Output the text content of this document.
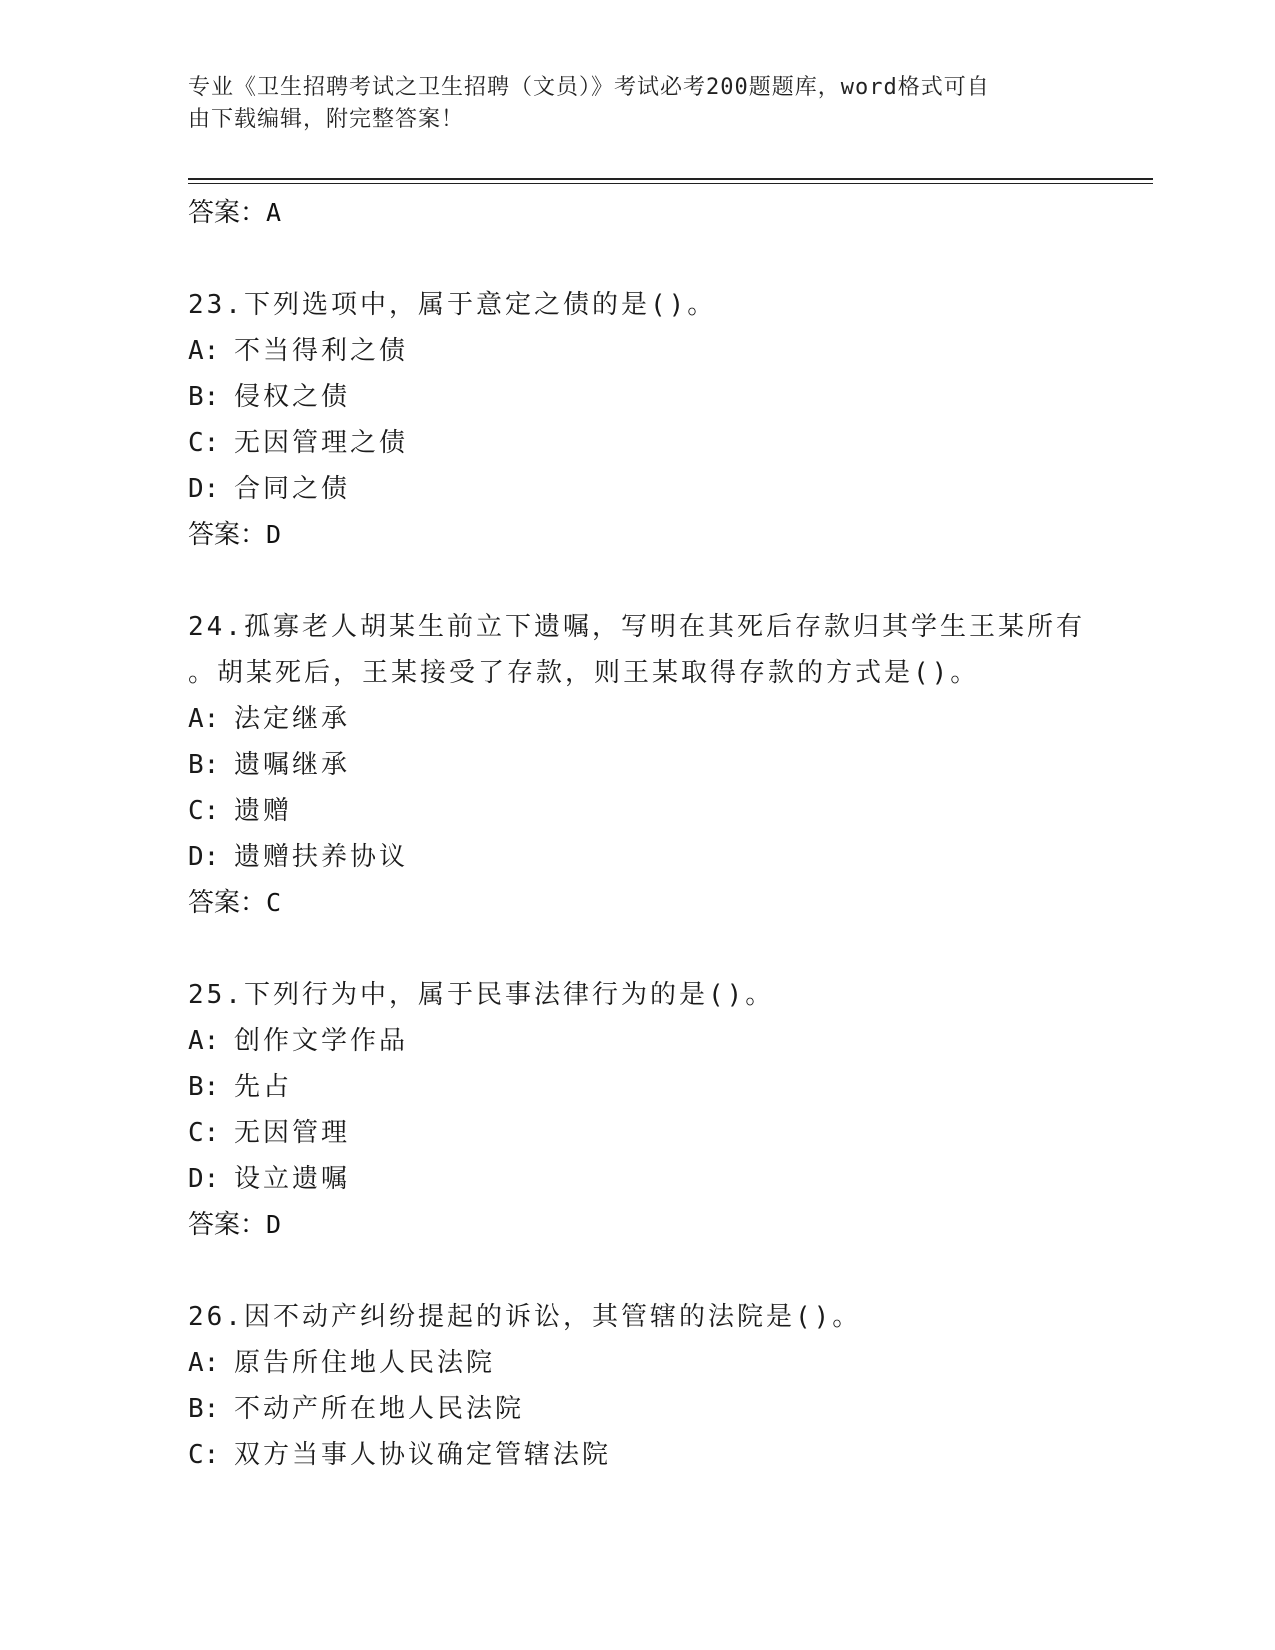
专业《卫生招聘考试之卫生招聘（文员）》考试必考200题题库，word格式可自
由下载编辑，附完整答案！
答案：A
23.下列选项中，属于意定之债的是()。
A: 不当得利之债
B: 侵权之债
C: 无因管理之债
D: 合同之债
答案：D
24.孤寡老人胡某生前立下遗嘱，写明在其死后存款归其学生王某所有
。胡某死后，王某接受了存款，则王某取得存款的方式是()。
A: 法定继承
B: 遗嘱继承
C: 遗赠
D: 遗赠扶养协议
答案：C
25.下列行为中，属于民事法律行为的是()。
A: 创作文学作品
B: 先占
C: 无因管理
D: 设立遗嘱
答案：D
26.因不动产纠纷提起的诉讼，其管辖的法院是()。
A: 原告所住地人民法院
B: 不动产所在地人民法院
C: 双方当事人协议确定管辖法院
